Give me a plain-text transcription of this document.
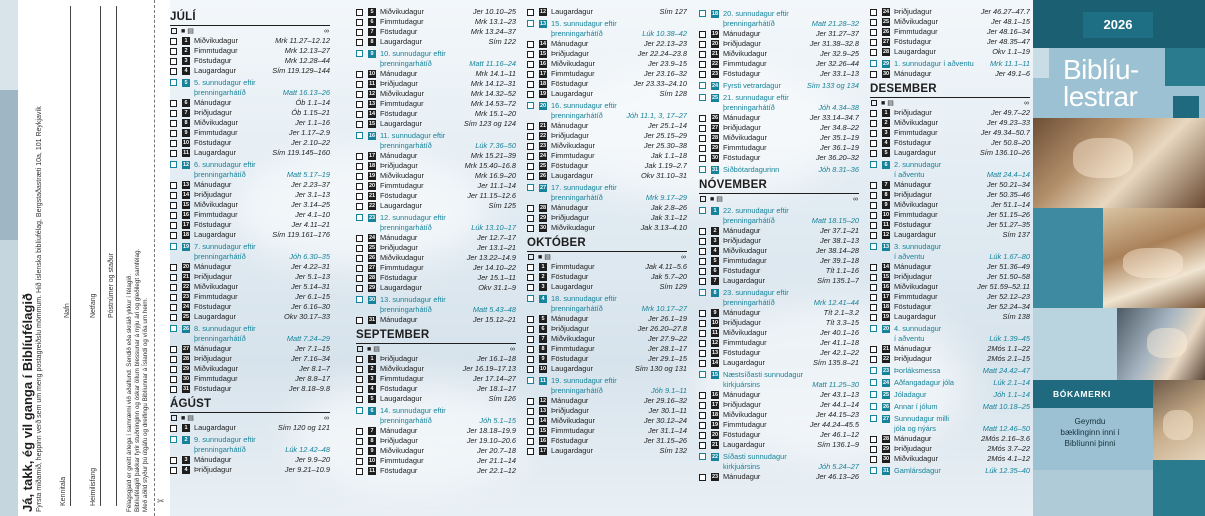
Já, takk, ég vil ganga í Biblíufélagið Fyrsta miðamið, heppinn verð sem um meng postagreiðslu mömmum. Hið íslenska biblíufélag, Bergstaðastræti 10a, 101 Reykjavík Kennitala	Heimilisfang
Netfang
Nafn	Póstnúmer og staður Félagsgjald er greitt árlega í samræmi við aðalfund. Sendið eða skráið ykkur í félagið. Biblíufélagið þakkar fyrir stuðninginn og óskar öllum blessunar á nýju ári og gleðilegt samfélag. Með aðild styður þú útgáfu og dreifingu Biblíunnar á Íslandi og víða um heim. ✂
JÚLÍ
■ ▤	∞
1 Miðvikudagur	Mrk 11.27–12.12
2 Fimmtudagur	Mrk 12.13–27
3 Föstudagur	Mrk 12.28–44
4 Laugardagur	Sím 119.129–144
5 5. sunnudagur eftir
þrenningarhátíð	Matt 16.13–26
6 Mánudagur	Ób 1.1–14
7 Þriðjudagur	Ób 1.15–21
8 Miðvikudagur	Jer 1.1–16
9 Fimmtudagur	Jer 1.17–2.9
10 Föstudagur	Jer 2.10–22
11 Laugardagur	Sím 119.145–160
12 6. sunnudagur eftir
þrenningarhátíð	Matt 5.17–19
13 Mánudagur	Jer 2.23–37
14 Þriðjudagur	Jer 3.1–13
15 Miðvikudagur	Jer 3.14–25
16 Fimmtudagur	Jer 4.1–10
17 Föstudagur	Jer 4.11–21
18 Laugardagur	Sím 119.161–176
19 7. sunnudagur eftir
þrenningarhátíð	Jóh 6.30–35
20 Mánudagur	Jer 4.22–31
21 Þriðjudagur	Jer 5.1–13
22 Miðvikudagur	Jer 5.14–31
23 Fimmtudagur	Jer 6.1–15
24 Föstudagur	Jer 6.16–30
25 Laugardagur	Okv 30.17–33
26 8. sunnudagur eftir
þrenningarhátíð	Matt 7.24–29
27 Mánudagur	Jer 7.1–15
28 Þriðjudagur	Jer 7.16–34
29 Miðvikudagur	Jer 8.1–7
30 Fimmtudagur	Jer 8.8–17
31 Föstudagur	Jer 8.18–9.8
ÁGÚST
■ ▤	∞
1 Laugardagur	Sím 120 og 121
2 9. sunnudagur eftir
þrenningarhátíð	Lúk 12.42–48
3 Mánudagur	Jer 9.9–20
4 Þriðjudagur	Jer 9.21–10.9
5 Miðvikudagur	Jer 10.10–25
6 Fimmtudagur	Mrk 13.1–23
7 Föstudagur	Mrk 13.24–37
8 Laugardagur	Sím 122
9 10. sunnudagur eftir
þrenningarhátíð	Matt 11.16–24
10 Mánudagur	Mrk 14.1–11
11 Þriðjudagur	Mrk 14.12–31
12 Miðvikudagur	Mrk 14.32–52
13 Fimmtudagur	Mrk 14.53–72
14 Föstudagur	Mrk 15.1–20
15 Laugardagur	Sím 123 og 124
16 11. sunnudagur eftir
þrenningarhátíð	Lúk 7.36–50
17 Mánudagur	Mrk 15.21–39
18 Þriðjudagur	Mrk 15.40–16.8
19 Miðvikudagur	Mrk 16.9–20
20 Fimmtudagur	Jer 11.1–14
21 Föstudagur	Jer 11.15–12.6
22 Laugardagur	Sím 125
23 12. sunnudagur eftir
þrenningarhátíð	Lúk 13.10–17
24 Mánudagur	Jer 12.7–17
25 Þriðjudagur	Jer 13.1–21
26 Miðvikudagur	Jer 13.22–14.9
27 Fimmtudagur	Jer 14.10–22
28 Föstudagur	Jer 15.1–11
29 Laugardagur	Okv 31.1–9
30 13. sunnudagur eftir
þrenningarhátíð	Matt 5.43–48
31 Mánudagur	Jer 15.12–21
SEPTEMBER
■ ▤	∞
1 Þriðjudagur	Jer 16.1–18
2 Miðvikudagur	Jer 16.19–17.13
3 Fimmtudagur	Jer 17.14–27
4 Föstudagur	Jer 18.1–17
5 Laugardagur	Sím 126
6 14. sunnudagur eftir
þrenningarhátíð	Jóh 5.1–15
7 Mánudagur	Jer 18.18–19.9
8 Þriðjudagur	Jer 19.10–20.6
9 Miðvikudagur	Jer 20.7–18
10 Fimmtudagur	Jer 21.1–14
11 Föstudagur	Jer 22.1–12
12 Laugardagur	Sím 127
13 15. sunnudagur eftir
þrenningarhátíð	Lúk 10.38–42
14 Mánudagur	Jer 22.13–23
15 Þriðjudagur	Jer 22.24–23.8
16 Miðvikudagur	Jer 23.9–15
17 Fimmtudagur	Jer 23.16–32
18 Föstudagur	Jer 23.33–24.10
19 Laugardagur	Sím 128
20 16. sunnudagur eftir
þrenningarhátíð	Jóh 11.1, 3, 17–27
21 Mánudagur	Jer 25.1–14
22 Þriðjudagur	Jer 25.15–29
23 Miðvikudagur	Jer 25.30–38
24 Fimmtudagur	Jak 1.1–18
25 Föstudagur	Jak 1.19–2.7
26 Laugardagur	Okv 31.10–31
27 17. sunnudagur eftir
þrenningarhátíð	Mrk 9.17–29
28 Mánudagur	Jak 2.8–26
29 Þriðjudagur	Jak 3.1–12
30 Miðvikudagur	Jak 3.13–4.10
OKTÓBER
■ ▤	∞
1 Fimmtudagur	Jak 4.11–5.6
2 Föstudagur	Jak 5.7–20
3 Laugardagur	Sím 129
4 18. sunnudagur eftir
þrenningarhátíð	Mrk 10.17–27
5 Mánudagur	Jer 26.1–19
6 Þriðjudagur	Jer 26.20–27.8
7 Miðvikudagur	Jer 27.9–22
8 Fimmtudagur	Jer 28.1–17
9 Föstudagur	Jer 29.1–15
10 Laugardagur	Sím 130 og 131
11 19. sunnudagur eftir
þrenningarhátíð	Jóh 9.1–11
12 Mánudagur	Jer 29.16–32
13 Þriðjudagur	Jer 30.1–11
14 Miðvikudagur	Jer 30.12–24
15 Fimmtudagur	Jer 31.1–14
16 Föstudagur	Jer 31.15–26
17 Laugardagur	Sím 132
18 20. sunnudagur eftir
þrenningarhátíð	Matt 21.28–32
19 Mánudagur	Jer 31.27–37
20 Þriðjudagur	Jer 31.38–32.8
21 Miðvikudagur	Jer 32.9–25
22 Fimmtudagur	Jer 32.26–44
23 Föstudagur	Jer 33.1–13
24 Fyrsti vetrardagur	Sím 133 og 134
25 21. sunnudagur eftir
þrenningarhátíð	Jóh 4.34–38
26 Mánudagur	Jer 33.14–34.7
27 Þriðjudagur	Jer 34.8–22
28 Miðvikudagur	Jer 35.1–19
29 Fimmtudagur	Jer 36.1–19
30 Föstudagur	Jer 36.20–32
31 Siðbótardagurinn	Jóh 8.31–36
NÓVEMBER
■ ▤	∞
1 22. sunnudagur eftir
þrenningarhátíð	Matt 18.15–20
2 Mánudagur	Jer 37.1–21
3 Þriðjudagur	Jer 38.1–13
4 Miðvikudagur	Jer 38.14–28
5 Fimmtudagur	Jer 39.1–18
6 Föstudagur	Tít 1.1–16
7 Laugardagur	Sím 135.1–7
8 23. sunnudagur eftir
þrenningarhátíð	Mrk 12.41–44
9 Mánudagur	Tít 2.1–3.2
10 Þriðjudagur	Tít 3.3–15
11 Miðvikudagur	Jer 40.1–16
12 Fimmtudagur	Jer 41.1–18
13 Föstudagur	Jer 42.1–22
14 Laugardagur	Sím 135.8–21
15 Næstsíðasti sunnudagur
kirkjuársins	Matt 11.25–30
16 Mánudagur	Jer 43.1–13
17 Þriðjudagur	Jer 44.1–14
18 Miðvikudagur	Jer 44.15–23
19 Fimmtudagur	Jer 44.24–45.5
20 Föstudagur	Jer 46.1–12
21 Laugardagur	Sím 136.1–9
22 Síðasti sunnudagur
kirkjuársins	Jóh 5.24–27
23 Mánudagur	Jer 46.13–26
24 Þriðjudagur	Jer 46.27–47.7
25 Miðvikudagur	Jer 48.1–15
26 Fimmtudagur	Jer 48.16–34
27 Föstudagur	Jer 48.35–47
28 Laugardagur	Okv 1.1–19
29 1. sunnudagur í aðventu Mrk 11.1–11
30 Mánudagur	Jer 49.1–6
DESEMBER
■ ▤	∞
1 Þriðjudagur	Jer 49.7–22
2 Miðvikudagur	Jer 49.23–33
3 Fimmtudagur	Jer 49.34–50.7
4 Föstudagur	Jer 50.8–20
5 Laugardagur	Sím 136.10–26
6 2. sunnudagur
í aðventu	Matt 24.4–14
7 Mánudagur	Jer 50.21–34
8 Þriðjudagur	Jer 50.35–46
9 Miðvikudagur	Jer 51.1–14
10 Fimmtudagur	Jer 51.15–26
11 Föstudagur	Jer 51.27–35
12 Laugardagur	Sím 137
13 3. sunnudagur
í aðventu	Lúk 1.67–80
14 Mánudagur	Jer 51.36–49
15 Þriðjudagur	Jer 51.50–58
16 Miðvikudagur	Jer 51.59–52.11
17 Fimmtudagur	Jer 52.12–23
18 Föstudagur	Jer 52.24–34
19 Laugardagur	Sím 138
20 4. sunnudagur
í aðventu	Lúk 1.39–45
21 Mánudagur	2Mós 1.1–22
22 Þriðjudagur	2Mós 2.1–15
23 Þorláksmessa	Matt 24.42–47
24 Aðfangadagur jóla	Lúk 2.1–14
25 Jóladagur	Jóh 1.1–14
26 Annar í jólum	Matt 10.18–25
27 Sunnudagur milli
jóla og nýárs	Matt 12.46–50
28 Mánudagur	2Mós 2.16–3.6
29 Þriðjudagur	2Mós 3.7–22
30 Miðvikudagur	2Mós 4.1–12
31 Gamlársdagur	Lúk 12.35–40
2026
Biblíu-
lestrar
BÓKAMERKI
Geymdu bæklinginn inni í Biblíunni þinni
